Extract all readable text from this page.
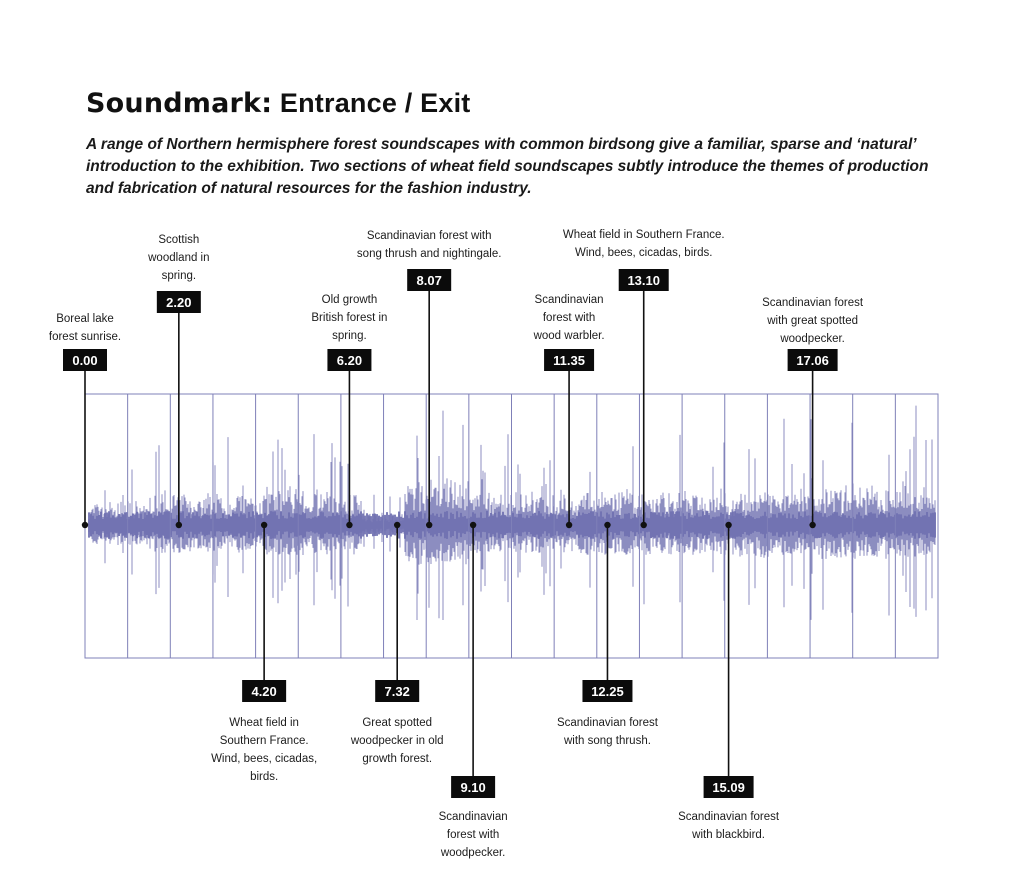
Soundmark: Entrance / Exit

A range of Northern hermisphere forest soundscapes with common birdsong give a familiar, sparse and ‘natural’ introduction to the exhibition. Two sections of wheat field soundscapes subtly introduce the themes of production and fabrication of natural resources for the fashion industry.

0.00
Boreal lake
forest sunrise.
2.20
Scottish
woodland in
spring.
4.20
Wheat field in
Southern France.
Wind, bees, cicadas,
birds.
6.20
Old growth
British forest in
spring.
7.32
Great spotted
woodpecker in old
growth forest.
8.07
Scandinavian forest with
song thrush and nightingale.
9.10
Scandinavian
forest with
woodpecker.
11.35
Scandinavian
forest with
wood warbler.
12.25
Scandinavian forest
with song thrush.
13.10
Wheat field in Southern France.
Wind, bees, cicadas, birds.
15.09
Scandinavian forest
with blackbird.
17.06
Scandinavian forest
with great spotted
woodpecker.
